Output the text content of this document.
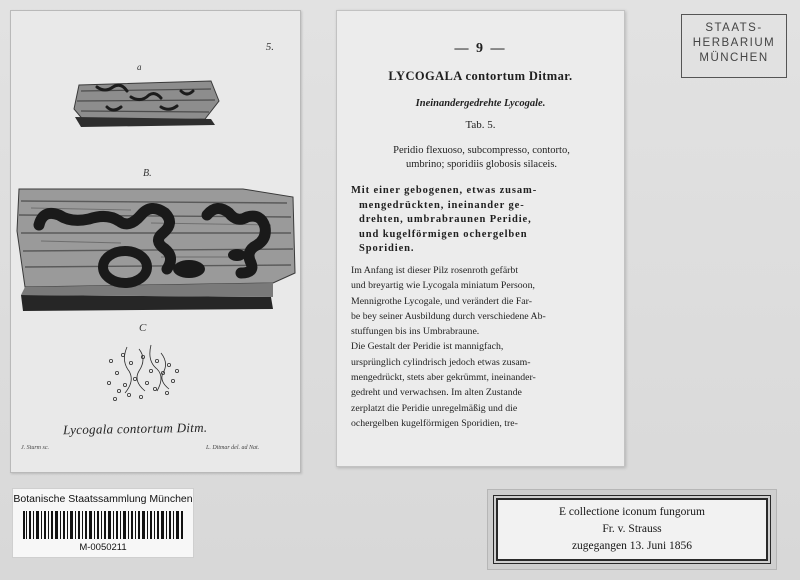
5.
a
B.
C
Lycogala contortum Ditm.
J. Sturm sc.	L. Ditmar del. ad Nat.
— 9 —
LYCOGALA contortum Ditmar.
Ineinandergedrehte Lycogale.
Tab. 5.
Peridio flexuoso, subcompresso, contorto,
umbrino; sporidiis globosis silaceis.
Mit einer gebogenen, etwas zusam-
mengedrückten, ineinander ge-
drehten, umbrabraunen Peridie,
und kugelförmigen ochergelben
Sporidien.
Im Anfang ist dieser Pilz rosenroth gefärbt
und breyartig wie Lycogala miniatum Persoon,
Mennigrothe Lycogale, und verändert die Far-
be bey seiner Ausbildung durch verschiedene Ab-
stuffungen bis ins Umbrabraune.
Die Gestalt der Peridie ist mannigfach,
ursprünglich cylindrisch jedoch etwas zusam-
mengedrückt, stets aber gekrümmt, ineinander-
gedreht und verwachsen. Im alten Zustande
zerplatzt die Peridie unregelmäßig und die
ochergelben kugelförmigen Sporidien, tre-
STAATS-
HERBARIUM
MÜNCHEN
Botanische Staatssammlung München
M-0050211
E collectione iconum fungorum
Fr. v. Strauss
zugegangen 13. Juni 1856
